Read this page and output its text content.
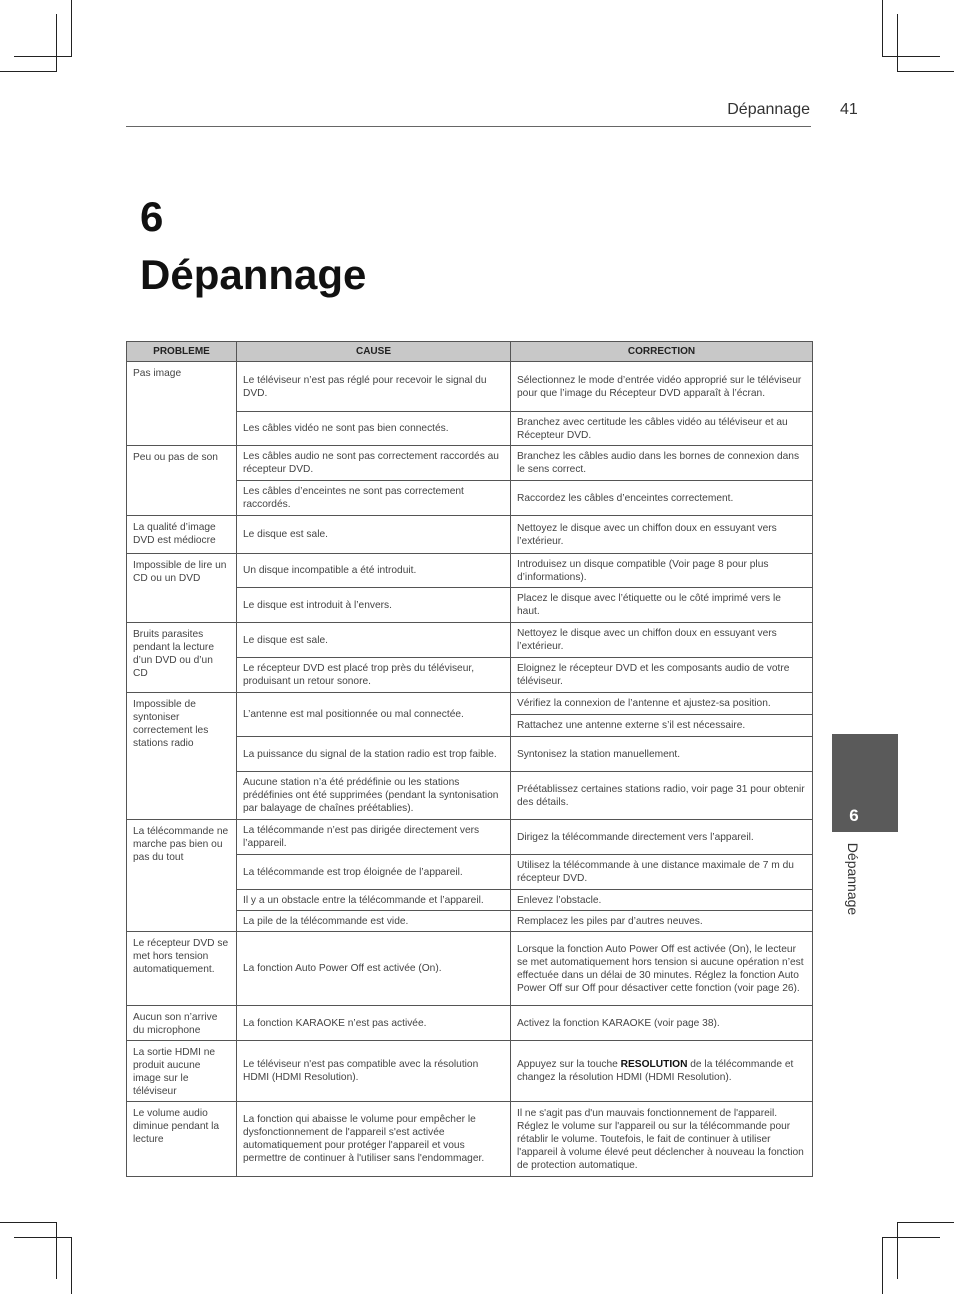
Dépannage 41
6
Dépannage
6
Dépannage
PROBLEME	CAUSE	CORRECTION
Pas image	Le téléviseur n’est pas réglé pour recevoir le signal du DVD.	Sélectionnez le mode d’entrée vidéo approprié sur le téléviseur pour que l’image du Récepteur DVD apparaît à l’écran.
	Les câbles vidéo ne sont pas bien connectés.	Branchez avec certitude les câbles vidéo au téléviseur et au Récepteur DVD.
Peu ou pas de son	Les câbles audio ne sont pas correctement raccordés au récepteur DVD.	Branchez les câbles audio dans les bornes de connexion dans le sens correct.
	Les câbles d’enceintes ne sont pas correctement raccordés.	Raccordez les câbles d’enceintes correctement.
La qualité d’image DVD est médiocre	Le disque est sale.	Nettoyez le disque avec un chiffon doux en essuyant vers l’extérieur.
Impossible de lire un CD ou un DVD	Un disque incompatible a été introduit.	Introduisez un disque compatible (Voir page 8 pour plus d’informations).
	Le disque est introduit à l’envers.	Placez le disque avec l’étiquette ou le côté imprimé vers le haut.
Bruits parasites pendant la lecture d’un DVD ou d’un CD	Le disque est sale.	Nettoyez le disque avec un chiffon doux en essuyant vers l’extérieur.
	Le récepteur DVD est placé trop près du téléviseur, produisant un retour sonore.	Eloignez le récepteur DVD et les composants audio de votre téléviseur.
Impossible de syntoniser correctement les stations radio	L’antenne est mal positionnée ou mal connectée.	Vérifiez la connexion de l’antenne et ajustez-sa position.
		Rattachez une antenne externe s’il est nécessaire.
	La puissance du signal de la station radio est trop faible.	Syntonisez la station manuellement.
	Aucune station n’a été prédéfinie ou les stations prédéfinies ont été supprimées (pendant la syntonisation par balayage de chaînes préétablies).	Préétablissez certaines stations radio, voir page 31 pour obtenir des détails.
La télécommande ne marche pas bien ou pas du tout	La télécommande n’est pas dirigée directement vers l’appareil.	Dirigez la télécommande directement vers l’appareil.
	La télécommande est trop éloignée de l’appareil.	Utilisez la télécommande à une distance maximale de 7 m du récepteur DVD.
	Il y a un obstacle entre la télécommande et l’appareil.	Enlevez l’obstacle.
	La pile de la télécommande est vide.	Remplacez les piles par d’autres neuves.
Le récepteur DVD se met hors tension automatiquement.	La fonction Auto Power Off est activée (On).	Lorsque la fonction Auto Power Off est activée (On), le lecteur se met automatiquement hors tension si aucune opération n’est effectuée dans un délai de 30 minutes. Réglez la fonction Auto Power Off sur Off pour désactiver cette fonction (voir page 26).
Aucun son n’arrive du microphone	La fonction KARAOKE n’est pas activée.	Activez la fonction KARAOKE (voir page 38).
La sortie HDMI ne produit aucune image sur le téléviseur	Le téléviseur n'est pas compatible avec la résolution HDMI (HDMI Resolution).	Appuyez sur la touche RESOLUTION de la télécommande et changez la résolution HDMI (HDMI Resolution).
Le volume audio diminue pendant la lecture	La fonction qui abaisse le volume pour empêcher le dysfonctionnement de l'appareil s'est activée automatiquement pour protéger l'appareil et vous permettre de continuer à l'utiliser sans l'endommager.	Il ne s'agit pas d'un mauvais fonctionnement de l'appareil. Réglez le volume sur l'appareil ou sur la télécommande pour rétablir le volume. Toutefois, le fait de continuer à utiliser l'appareil à volume élevé peut déclencher à nouveau la fonction de protection automatique.
